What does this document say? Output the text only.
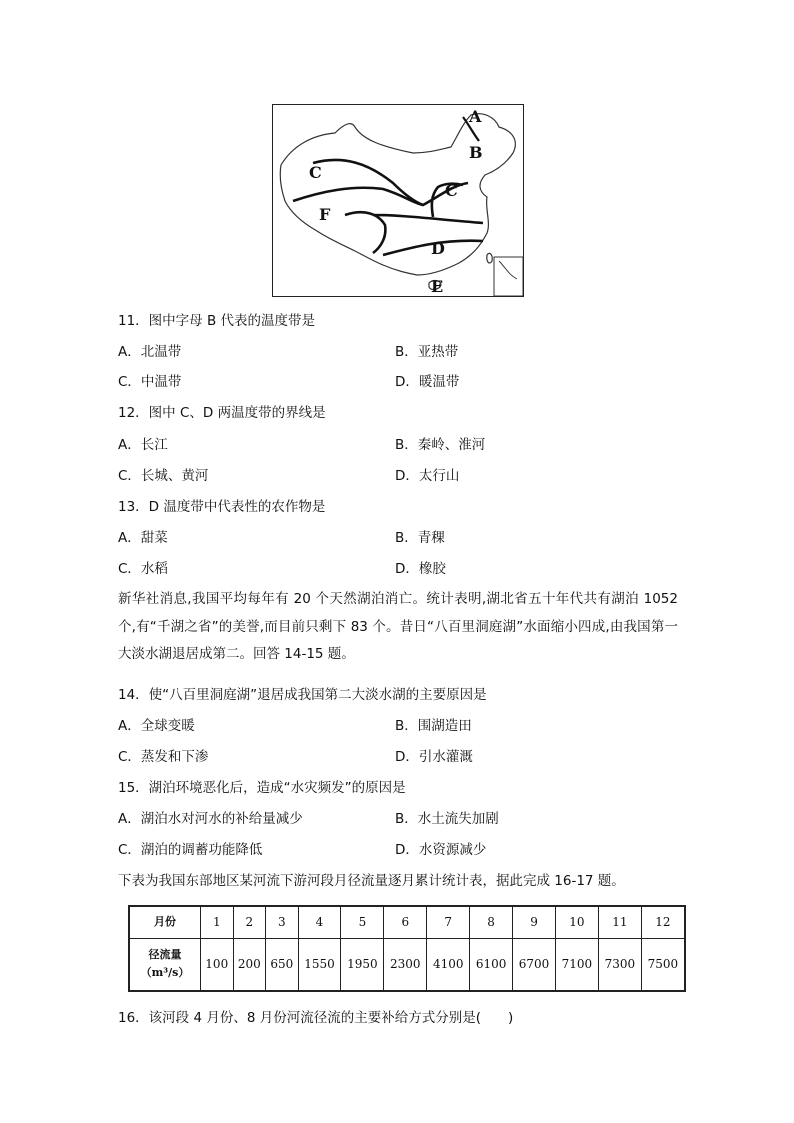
A
B
C
C
F
D
E
11．图中字母 B 代表的温度带是
A．北温带	B．亚热带
C．中温带	D．暖温带
12．图中 C、D 两温度带的界线是
A．长江	B．秦岭、淮河
C．长城、黄河	D．太行山
13．D 温度带中代表性的农作物是
A．甜菜	B．青稞
C．水稻	D．橡胶
新华社消息,我国平均每年有 20 个天然湖泊消亡。统计表明,湖北省五十年代共有湖泊 1052 个,有“千湖之省”的美誉,而目前只剩下 83 个。昔日“八百里洞庭湖”水面缩小四成,由我国第一大淡水湖退居成第二。回答 14-15 题。
14．使“八百里洞庭湖”退居成我国第二大淡水湖的主要原因是
A．全球变暖	B．围湖造田
C．蒸发和下渗	D．引水灌溉
15．湖泊环境恶化后，造成“水灾频发”的原因是
A．湖泊水对河水的补给量减少	B．水土流失加剧
C．湖泊的调蓄功能降低	D．水资源减少
下表为我国东部地区某河流下游河段月径流量逐月累计统计表，据此完成 16-17 题。
月份	1	2	3	4	5	6	7	8	9	10	11	12
径流量
（m³/s）	100	200	650	1550	1950	2300	4100	6100	6700	7100	7300	7500
16．该河段 4 月份、8 月份河流径流的主要补给方式分别是(　　)
